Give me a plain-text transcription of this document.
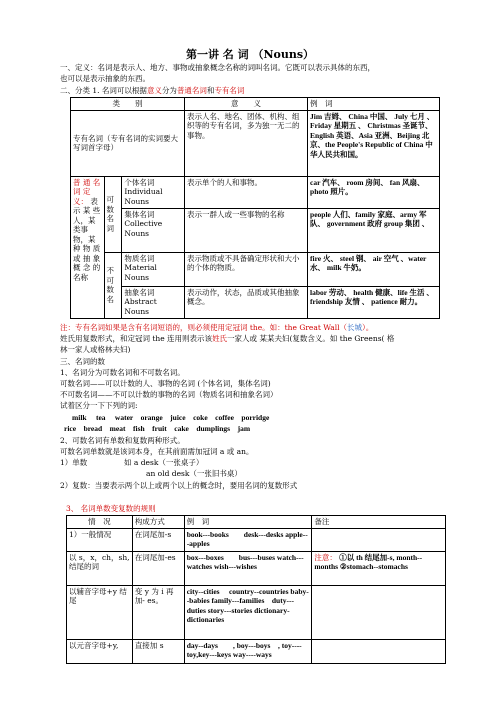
第一讲 名 词 （Nouns）
一、定义：名词是表示人、地方、事物或抽象概念名称的词叫名词。它既可以表示具体的东西，
也可以是表示抽象的东西。
二、分类 1. 名词可以根据意义分为普通名词和专有名词
类　　别			意　　义	例　词
专有名词（专有名词的实词要大写词首字母）			表示人名、地名、团体、机构、组织等的专有名词，多为独一无二的事物。	Jim 吉姆、 China 中国、 July 七月 、 Friday 星期五 、 Christmas 圣诞节、 English 英语、Asia 亚洲、Beijing 北京、the People's Republic of China 中华人民共和国。
普 通 名 词 定义： 表 示 某 些人，某 类事物，某 种 物 质 或 抽 象 概 念 的名称	可 数 名 词	个体名词 Individual Nouns	表示单个的人和事物。	car 汽车、 room 房间、 fan 风扇、photo 照片。
		集体名词 Collective Nouns	表示一群人或一些事物的名称	people 人们、family 家庭、army 军队、 government 政府 group 集团 、
	不 可 数 名	物质名词 Material Nouns	表示物质或不具备确定形状和大小的个体的物质。	fire 火、 steel 钢、 air 空气 、water 水、 milk 牛奶。
		抽象名词 Abstract Nouns	表示动作，状态，品质或其他抽象概念。	labor 劳动、 health 健康、life 生活 、 friendship 友情 、 patience 耐力。
注：专有名词如果是含有名词短语的，则必须使用定冠词 the。如：the Great Wall（长城）。
姓氏用复数形式，和定冠词 the 连用则表示该姓氏一家人或 某某夫妇(复数含义。如 the Greens( 格
林一家人或格林夫妇)
三、名词的数
1、名词分为可数名词和不可数名词。
可数名词——可以计数的人、事物的名词 (个体名词，集体名词)
不可数名词——不可以计数的事物的名词（物质名词和抽象名词）
试着区分一下下列的词:
milk　 tea　 water　orange　juice　coke　coffee　porridge
rice　bread　meat　fish　fruit　cake　dumplings　jam
2、可数名词有单数和复数两种形式。
可数名词单数就是该词本身，在其前面需加冠词 a 或 an。
1）单数	如 a desk（一张桌子）
an old desk（一张旧书桌）
2）复数：当要表示两个以上或两个以上的概念时，要用名词的复数形式
3、 名词单数变复数的规则
情　况	构成方式	例　词	备注
1）一般情况	在词尾加-s	book---books　　desk---desks apple---apples	
以 s，x，ch，sh, 结尾的词	在词尾加-es	box---boxes　　bus---buses watch---watches wish---wishes	注意： ①以 th 结尾加-s, month--months ②stomach--stomachs
以辅音字母+y 结尾	变 y 为 i 再加- es。	city--cities　 country--countries baby--babies family---families　duty---duties story---stories dictionary-dictionaries	
以元音字母+y,	直接加 s	day--days　　, boy---boys　, toy----toy,key---keys way----ways	
